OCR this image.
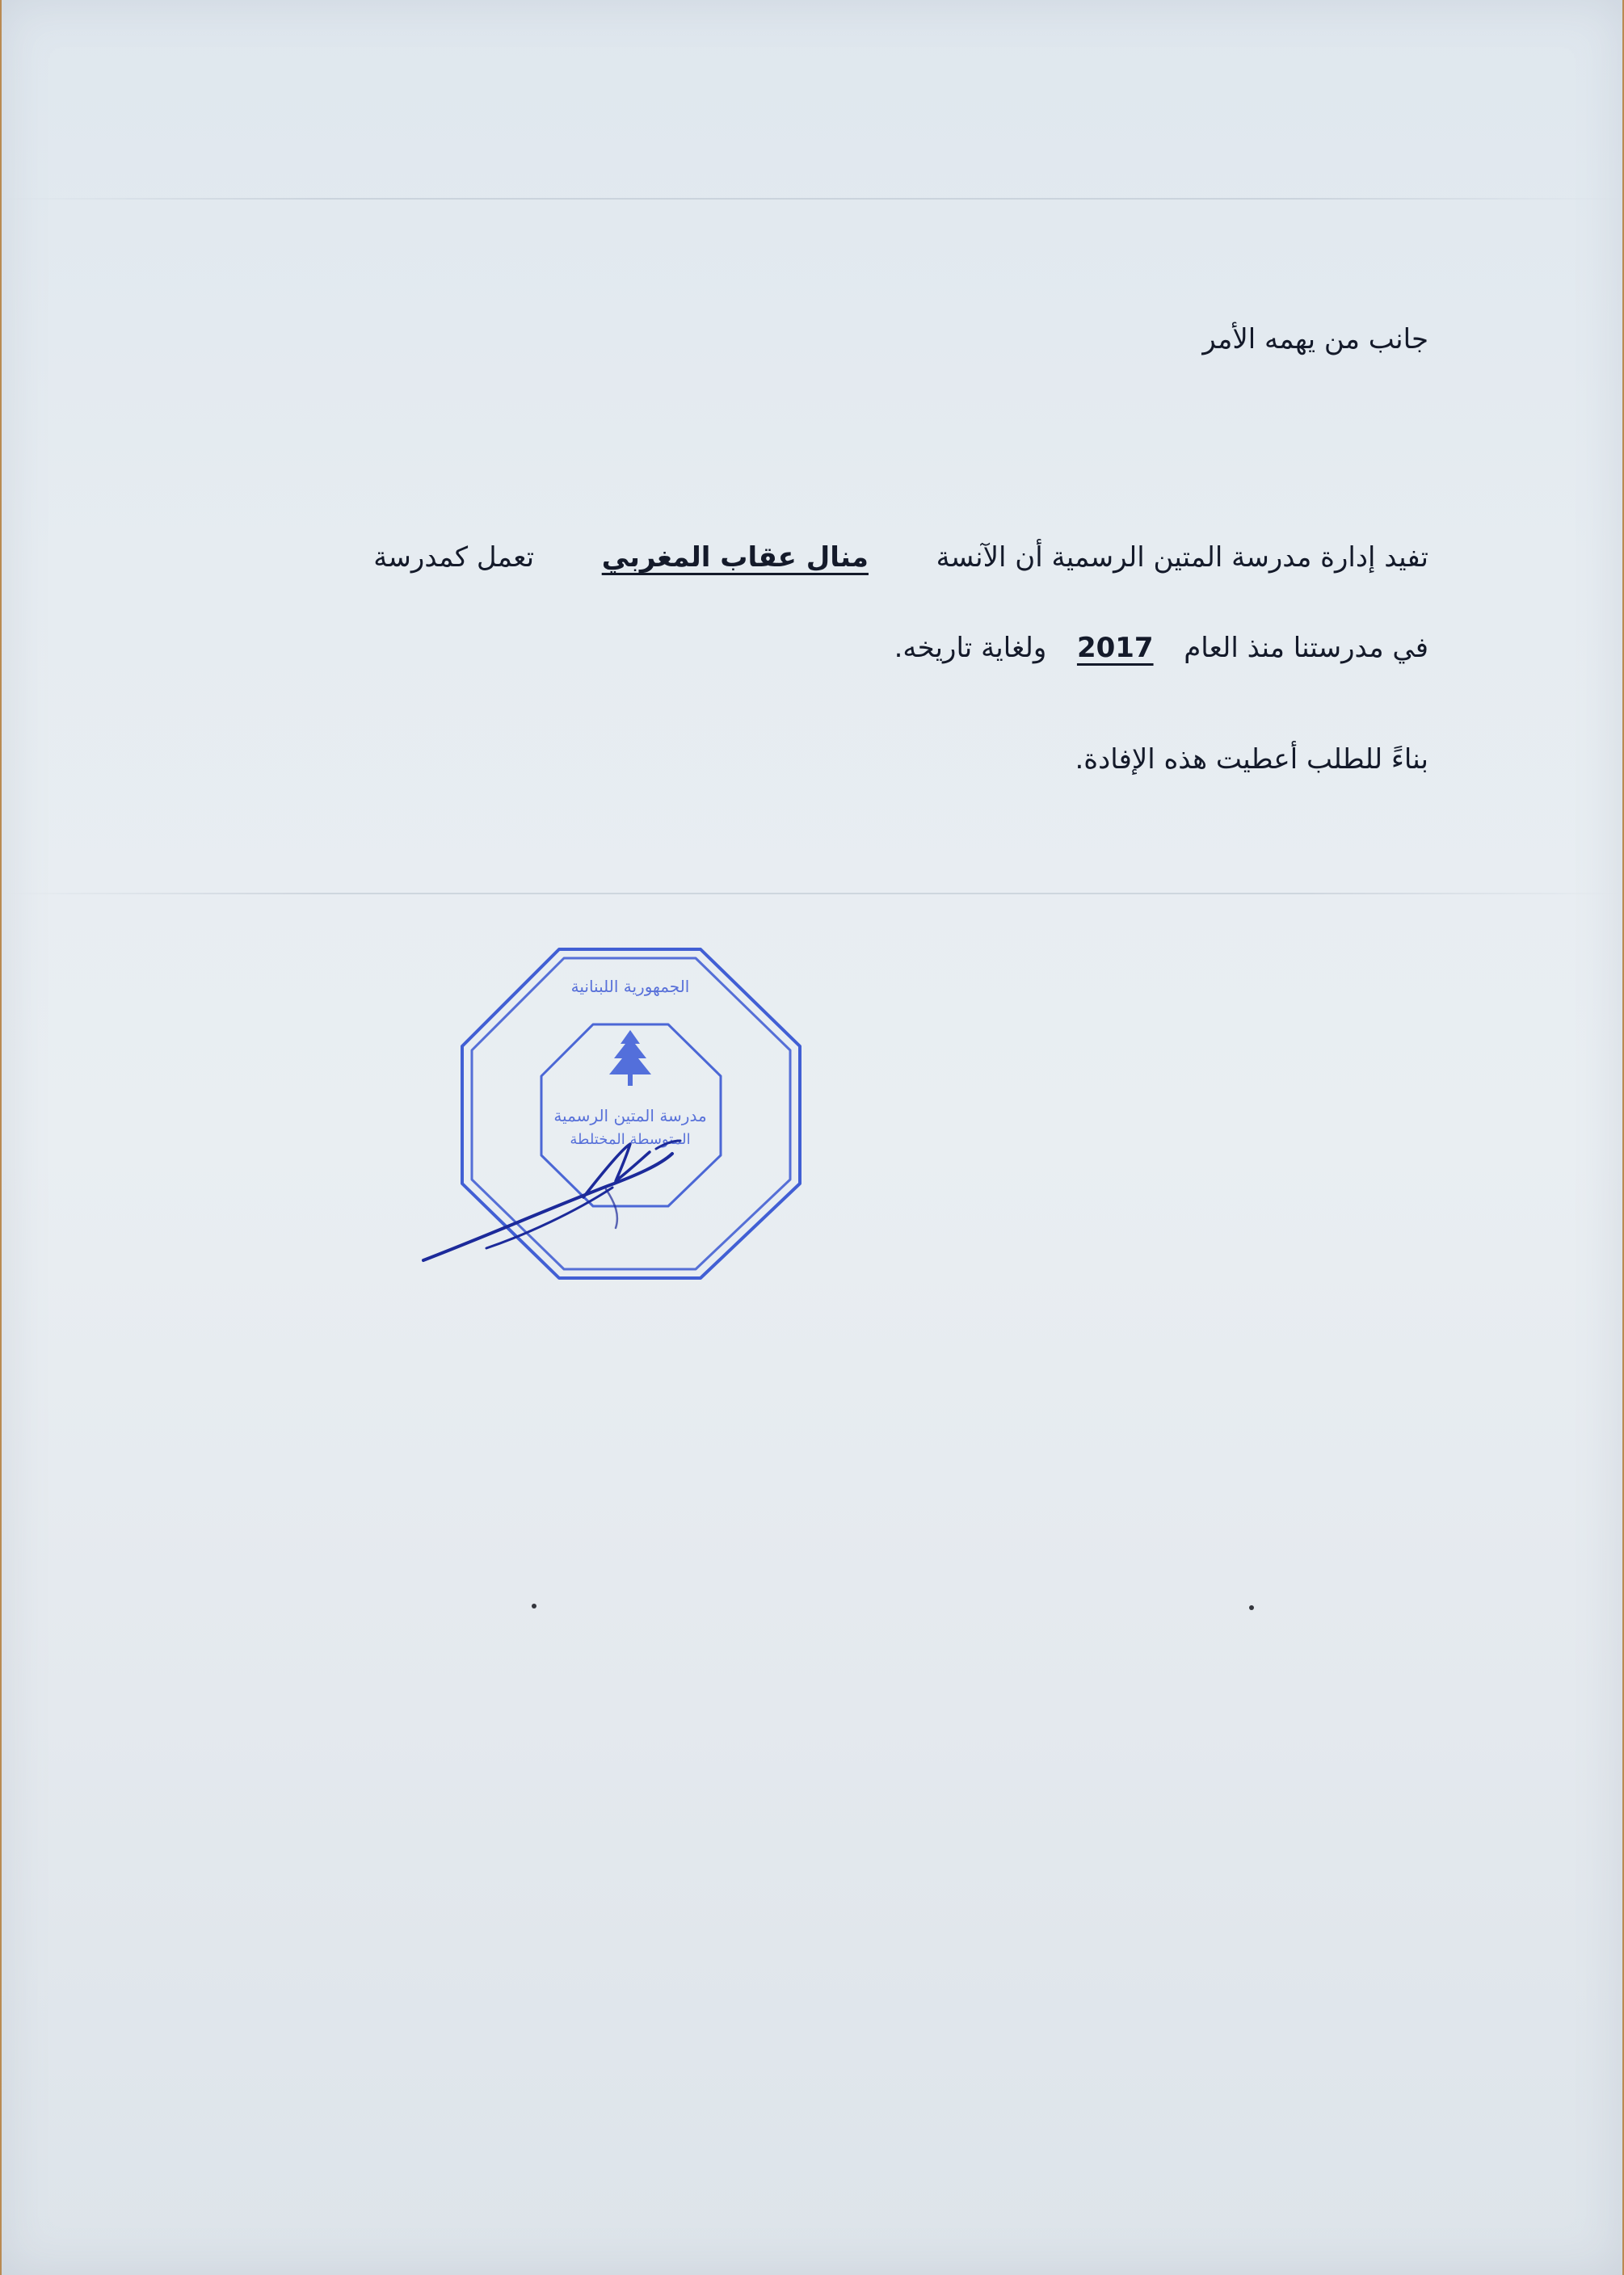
جانب من يهمه الأمر
تفيد إدارة مدرسة المتين الرسمية أن الآنسة  منال عقاب المغربي  تعمل كمدرسة
في مدرستنا منذ العام  2017  ولغاية تاريخه.
بناءً للطلب أعطيت هذه الإفادة.
مدرسة المتين الرسمية
المتوسطة المختلطة
الجمهورية اللبنانية
